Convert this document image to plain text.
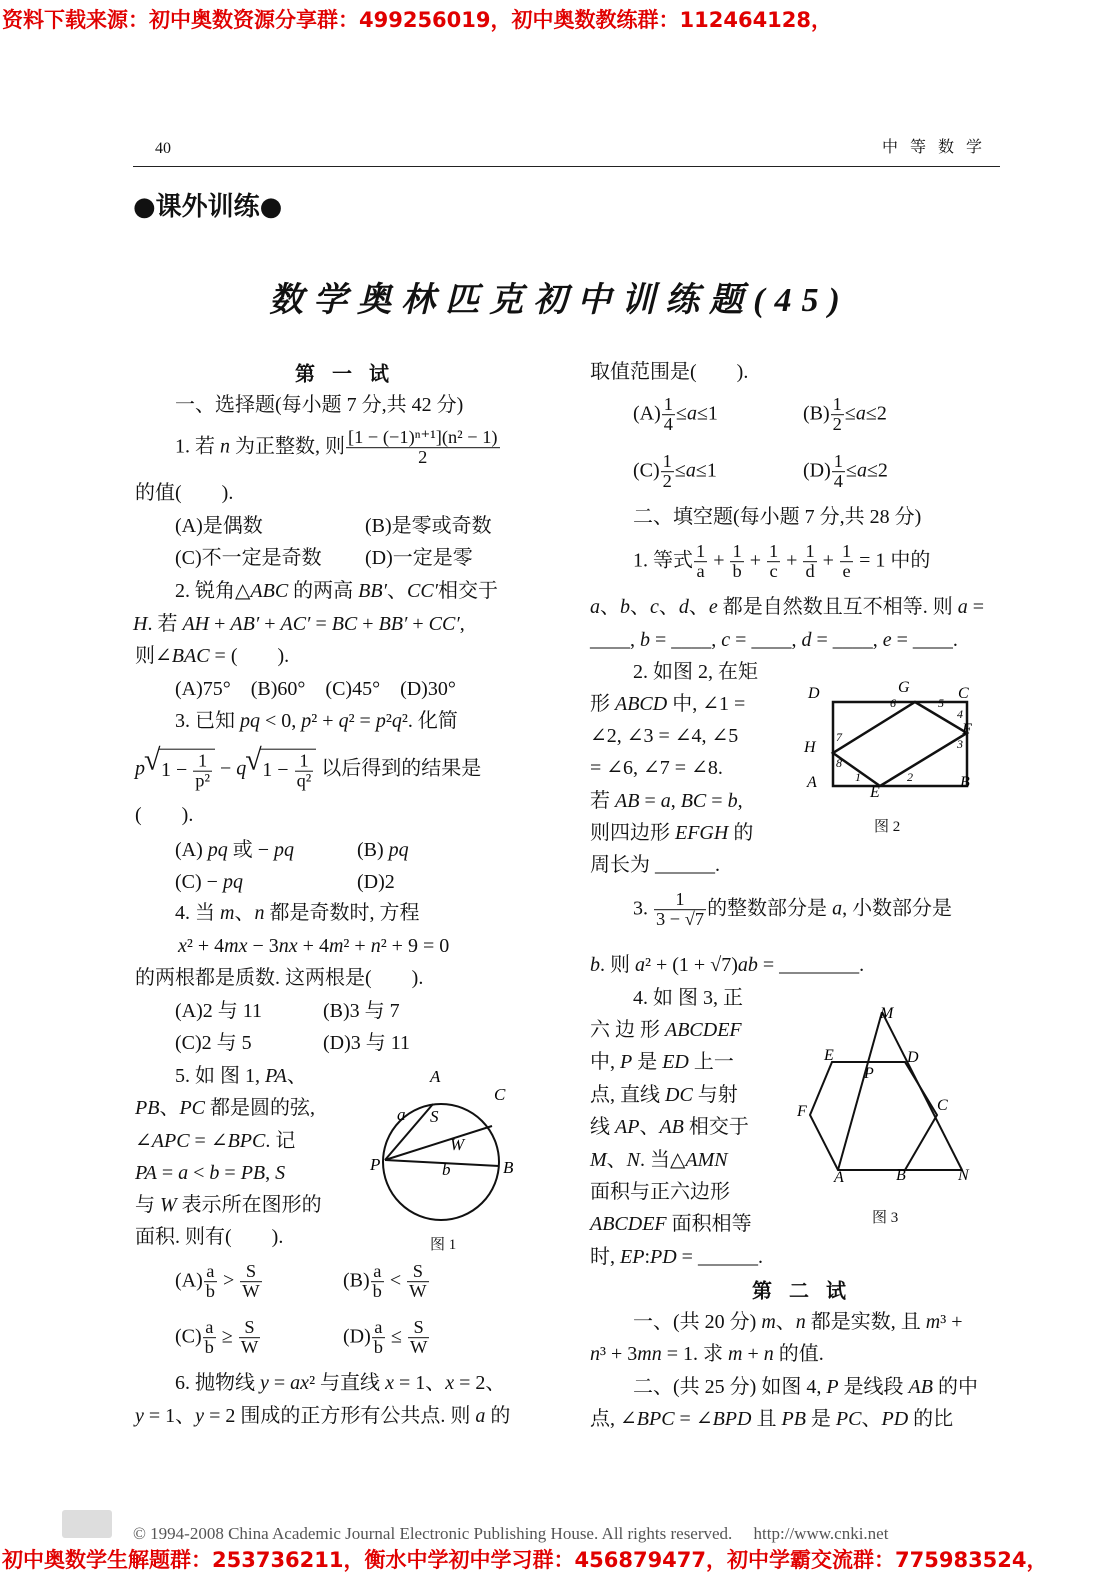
资料下载来源：初中奥数资源分享群：499256019，初中奥数教练群：112464128，
40	中 等 数 学
●课外训练●
数学奥林匹克初中训练题(45)
第 一 试
第 二 试
一、选择题(每小题 7 分,共 42 分)
1. 若 n 为正整数, 则 $\frac{\text{[1 − (−1)ⁿ⁺¹](n² − 1)}}{2}$
的值(　　).
(A)是偶数	(B)是零或奇数
(C)不一定是奇数 (D)一定是零
2. 锐角△ABC 的两高 BB′、CC′相交于
H. 若 AH + AB′ + AC′ = BC + BB′ + CC′,
则∠BAC = (　　).
(A)75°　(B)60°　(C)45°　(D)30°
3. 已知 pq < 0, p² + q² = p²q². 化简
p √ $1 - \frac{1}{\text{p²}} - q$ √ $1 - \frac{1}{\text{q²}}$ 以后得到的结果是
(　　).
(A) pq 或 − pq	(B) pq
(C) − pq	(D)2
4. 当 m、n 都是奇数时, 方程
x² + 4mx − 3nx + 4m² + n² + 9 = 0
的两根都是质数. 这两根是(　　).
(A)2 与 11	(B)3 与 7
(C)2 与 5	(D)3 与 11
5. 如 图 1, PA、
PB、PC 都是圆的弦,
∠APC = ∠BPC. 记
PA = a < b = PB, S
与 W 表示所在图形的
面积. 则有(　　).
$(A) \frac{a}{b} > \frac{S}{W}$	$(B) \frac{a}{b} < \frac{S}{W}$
$(C) \frac{a}{b} \ge \frac{S}{W}$	$(D) \frac{a}{b} \le \frac{S}{W}$
6. 抛物线 y = ax² 与直线 x = 1、x = 2、
y = 1、y = 2 围成的正方形有公共点. 则 a 的
取值范围是(　　).
$(A) \frac{1}{4} \le a\le 1$	$(B) \frac{1}{2} \le a\le 2$
$(C) \frac{1}{2} \le a\le 1$	$(D) \frac{1}{4} \le a\le 2$
二、填空题(每小题 7 分,共 28 分)
1. 等式 $\frac{1}{a} + \frac{1}{b} + \frac{1}{c} + \frac{1}{d} + \frac{1}{e} = 1$ 中的
a、b、c、d、e 都是自然数且互不相等. 则 a =
____, b = ____, c = ____, d = ____, e = ____.
2. 如图 2, 在矩
形 ABCD 中, ∠1 =
∠2, ∠3 = ∠4, ∠5
= ∠6, ∠7 = ∠8.
若 AB = a, BC = b,
则四边形 EFGH 的
周长为 ______.
3. $\frac{1}{3 - √7}$ 的整数部分是 a, 小数部分是
b. 则 a² + (1 + √7)ab = ________.
4. 如 图 3, 正
六 边 形 ABCDEF
中, P 是 ED 上一
点, 直线 DC 与射
线 AP、AB 相交于
M、N. 当△AMN
面积与正六边形
ABCDEF 面积相等
时, EP:PD = ______.
一、(共 20 分) m、n 都是实数, 且 m³ +
n³ + 3mn = 1. 求 m + n 的值.
二、(共 25 分) 如图 4, P 是线段 AB 的中
点, ∠BPC = ∠BPD 且 PB 是 PC、PD 的比
A
C
P	B
a S
W
b
D	G	C
H
F
A
E
B
6	5
4
7	3
8
1	2
M
E	D
P
F	C
A	B	N
图 1
图 2
图 3
© 1994-2008 China Academic Journal Electronic Publishing House. All rights reserved.　 http://www.cnki.net
初中奥数学生解题群：253736211，衡水中学初中学习群：456879477，初中学霸交流群：775983524，
